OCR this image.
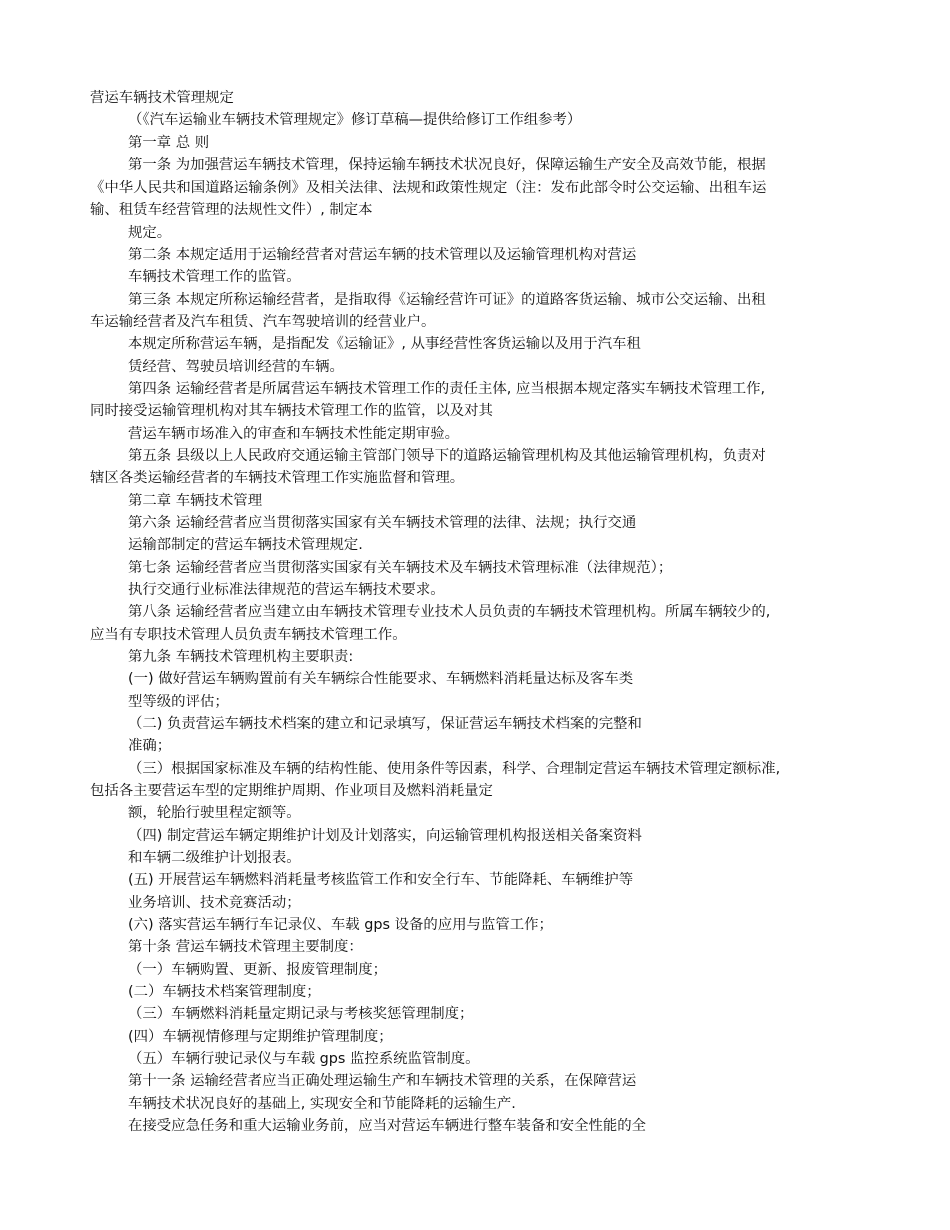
营运车辆技术管理规定
（《汽车运输业车辆技术管理规定》修订草稿—提供给修订工作组参考）
第一章 总 则
第一条 为加强营运车辆技术管理，保持运输车辆技术状况良好，保障运输生产安全及高效节能，根据
《中华人民共和国道路运输条例》及相关法律、法规和政策性规定（注：发布此部令时公交运输、出租车运
输、租赁车经营管理的法规性文件）, 制定本
规定。
第二条 本规定适用于运输经营者对营运车辆的技术管理以及运输管理机构对营运
车辆技术管理工作的监管。
第三条 本规定所称运输经营者，是指取得《运输经营许可证》的道路客货运输、城市公交运输、出租
车运输经营者及汽车租赁、汽车驾驶培训的经营业户。
本规定所称营运车辆，是指配发《运输证》, 从事经营性客货运输以及用于汽车租
赁经营、驾驶员培训经营的车辆。
第四条 运输经营者是所属营运车辆技术管理工作的责任主体, 应当根据本规定落实车辆技术管理工作,
同时接受运输管理机构对其车辆技术管理工作的监管，以及对其
营运车辆市场准入的审查和车辆技术性能定期审验。
第五条 县级以上人民政府交通运输主管部门领导下的道路运输管理机构及其他运输管理机构，负责对
辖区各类运输经营者的车辆技术管理工作实施监督和管理。
第二章 车辆技术管理
第六条 运输经营者应当贯彻落实国家有关车辆技术管理的法律、法规；执行交通
运输部制定的营运车辆技术管理规定.
第七条 运输经营者应当贯彻落实国家有关车辆技术及车辆技术管理标准（法律规范）；
执行交通行业标准法律规范的营运车辆技术要求。
第八条 运输经营者应当建立由车辆技术管理专业技术人员负责的车辆技术管理机构。所属车辆较少的,
应当有专职技术管理人员负责车辆技术管理工作。
第九条 车辆技术管理机构主要职责:
(一) 做好营运车辆购置前有关车辆综合性能要求、车辆燃料消耗量达标及客车类
型等级的评估；
（二) 负责营运车辆技术档案的建立和记录填写，保证营运车辆技术档案的完整和
准确；
（三）根据国家标准及车辆的结构性能、使用条件等因素，科学、合理制定营运车辆技术管理定额标准,
包括各主要营运车型的定期维护周期、作业项目及燃料消耗量定
额，轮胎行驶里程定额等。
（四) 制定营运车辆定期维护计划及计划落实，向运输管理机构报送相关备案资料
和车辆二级维护计划报表。
(五) 开展营运车辆燃料消耗量考核监管工作和安全行车、节能降耗、车辆维护等
业务培训、技术竞赛活动；
(六) 落实营运车辆行车记录仪、车载 gps 设备的应用与监管工作；
第十条 营运车辆技术管理主要制度：
（一）车辆购置、更新、报废管理制度；
(二）车辆技术档案管理制度；
（三）车辆燃料消耗量定期记录与考核奖惩管理制度；
(四）车辆视情修理与定期维护管理制度；
（五）车辆行驶记录仪与车载 gps 监控系统监管制度。
第十一条 运输经营者应当正确处理运输生产和车辆技术管理的关系，在保障营运
车辆技术状况良好的基础上, 实现安全和节能降耗的运输生产.
在接受应急任务和重大运输业务前，应当对营运车辆进行整车装备和安全性能的全
